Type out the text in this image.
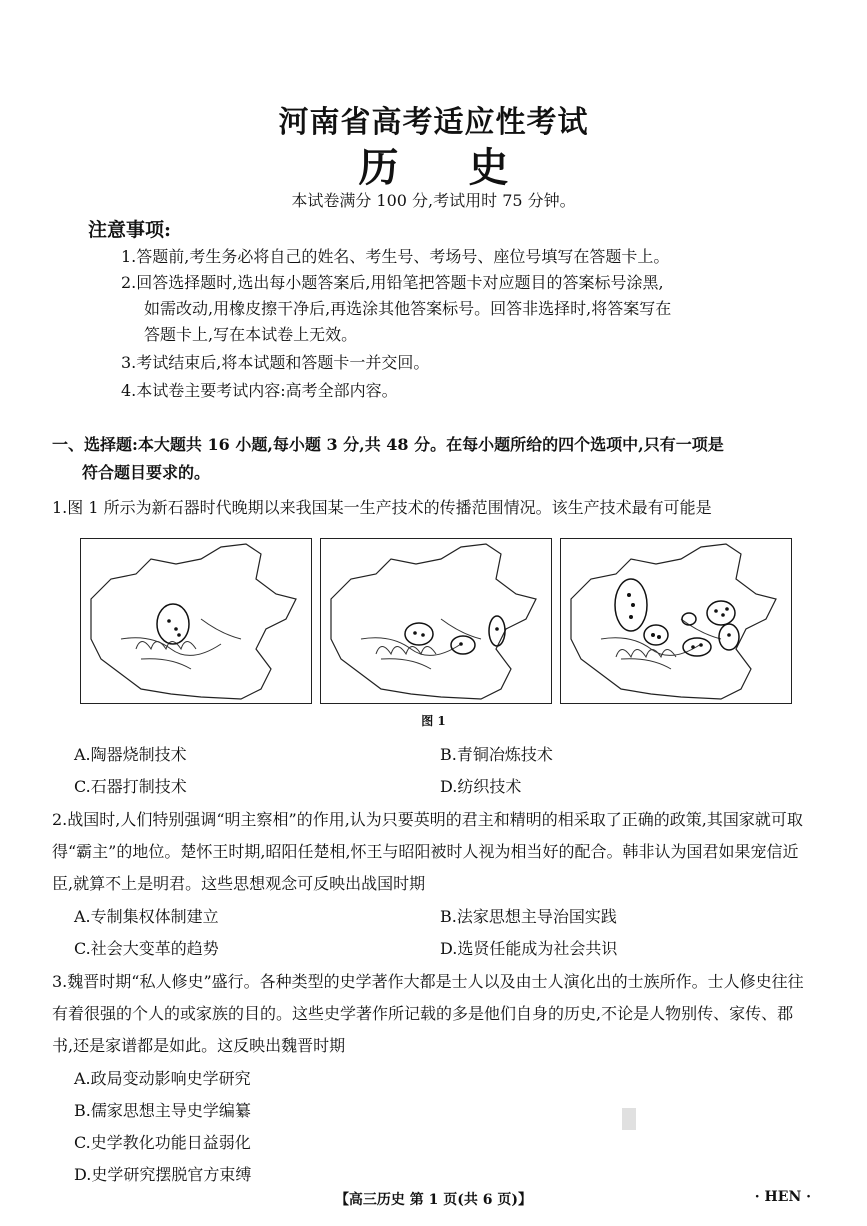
河南省高考适应性考试
历史
本试卷满分 100 分,考试用时 75 分钟。
注意事项:
1.答题前,考生务必将自己的姓名、考生号、考场号、座位号填写在答题卡上。
2.回答选择题时,选出每小题答案后,用铅笔把答题卡对应题目的答案标号涂黑,
如需改动,用橡皮擦干净后,再选涂其他答案标号。回答非选择时,将答案写在
答题卡上,写在本试卷上无效。
3.考试结束后,将本试题和答题卡一并交回。
4.本试卷主要考试内容:高考全部内容。
一、选择题:本大题共 16 小题,每小题 3 分,共 48 分。在每小题所给的四个选项中,只有一项是
符合题目要求的。
1.图 1 所示为新石器时代晚期以来我国某一生产技术的传播范围情况。该生产技术最有可能是
图 1
A.陶器烧制技术	B.青铜冶炼技术
C.石器打制技术	D.纺织技术
2.战国时,人们特别强调“明主察相”的作用,认为只要英明的君主和精明的相采取了正确的政策,其国家就可取得“霸主”的地位。楚怀王时期,昭阳任楚相,怀王与昭阳被时人视为相当好的配合。韩非认为国君如果宠信近臣,就算不上是明君。这些思想观念可反映出战国时期
A.专制集权体制建立	B.法家思想主导治国实践
C.社会大变革的趋势	D.选贤任能成为社会共识
3.魏晋时期“私人修史”盛行。各种类型的史学著作大都是士人以及由士人演化出的士族所作。士人修史往往有着很强的个人的或家族的目的。这些史学著作所记载的多是他们自身的历史,不论是人物别传、家传、郡书,还是家谱都是如此。这反映出魏晋时期
A.政局变动影响史学研究
B.儒家思想主导史学编纂
C.史学教化功能日益弱化
D.史学研究摆脱官方束缚
【高三历史 第 1 页(共 6 页)】	· HEN ·
